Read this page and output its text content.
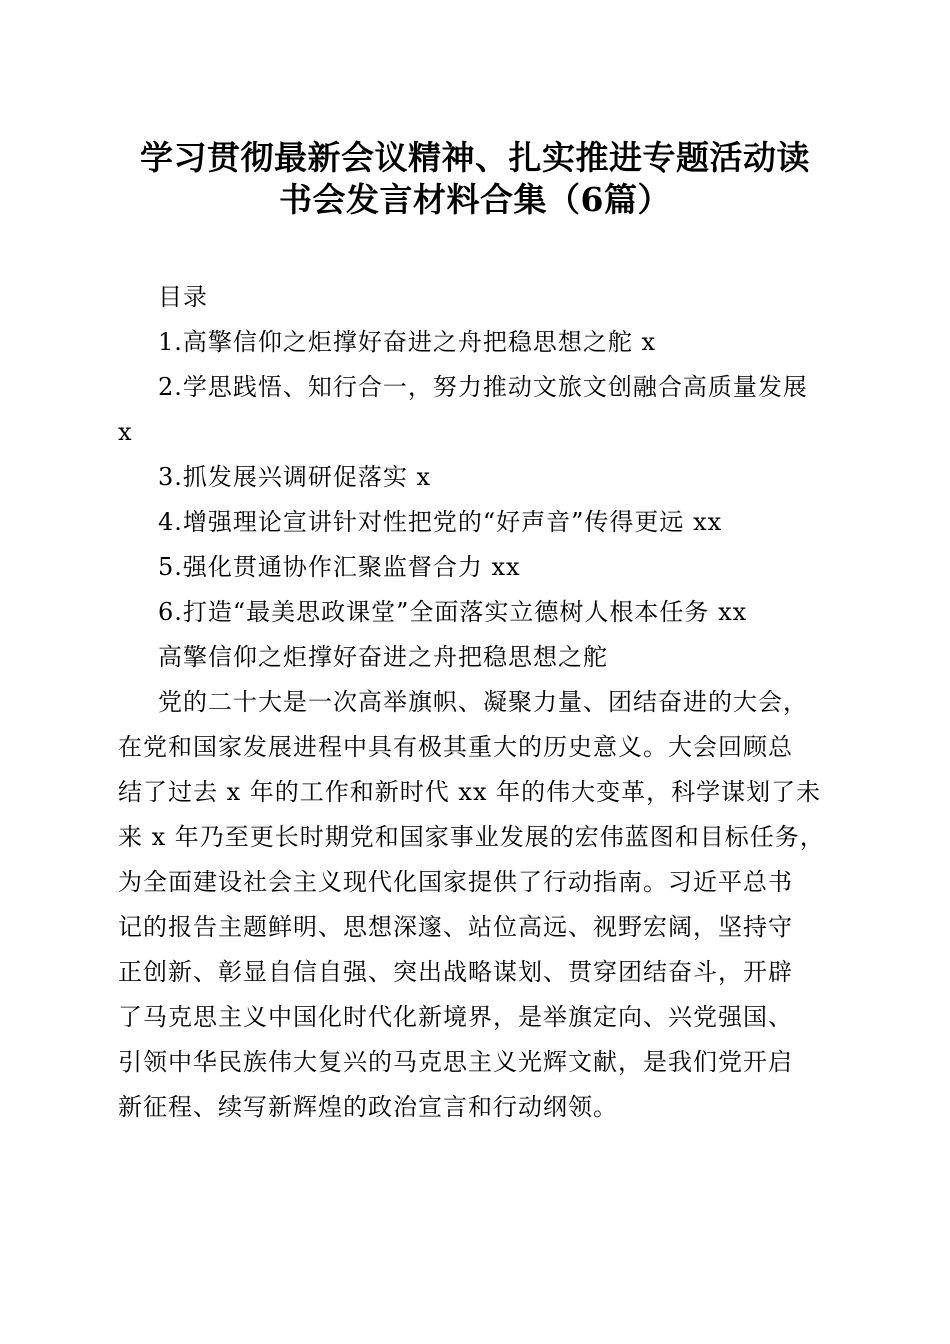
学习贯彻最新会议精神、扎实推进专题活动读
书会发言材料合集（6篇）
目录
1.高擎信仰之炬撑好奋进之舟把稳思想之舵 x
2.学思践悟、知行合一，努力推动文旅文创融合高质量发展
x
3.抓发展兴调研促落实 x
4.增强理论宣讲针对性把党的“好声音”传得更远 xx
5.强化贯通协作汇聚监督合力 xx
6.打造“最美思政课堂”全面落实立德树人根本任务 xx
高擎信仰之炬撑好奋进之舟把稳思想之舵
党的二十大是一次高举旗帜、凝聚力量、团结奋进的大会，
在党和国家发展进程中具有极其重大的历史意义。大会回顾总
结了过去 x 年的工作和新时代 xx 年的伟大变革，科学谋划了未
来 x 年乃至更长时期党和国家事业发展的宏伟蓝图和目标任务，
为全面建设社会主义现代化国家提供了行动指南。习近平总书
记的报告主题鲜明、思想深邃、站位高远、视野宏阔，坚持守
正创新、彰显自信自强、突出战略谋划、贯穿团结奋斗，开辟
了马克思主义中国化时代化新境界，是举旗定向、兴党强国、
引领中华民族伟大复兴的马克思主义光辉文献，是我们党开启
新征程、续写新辉煌的政治宣言和行动纲领。
